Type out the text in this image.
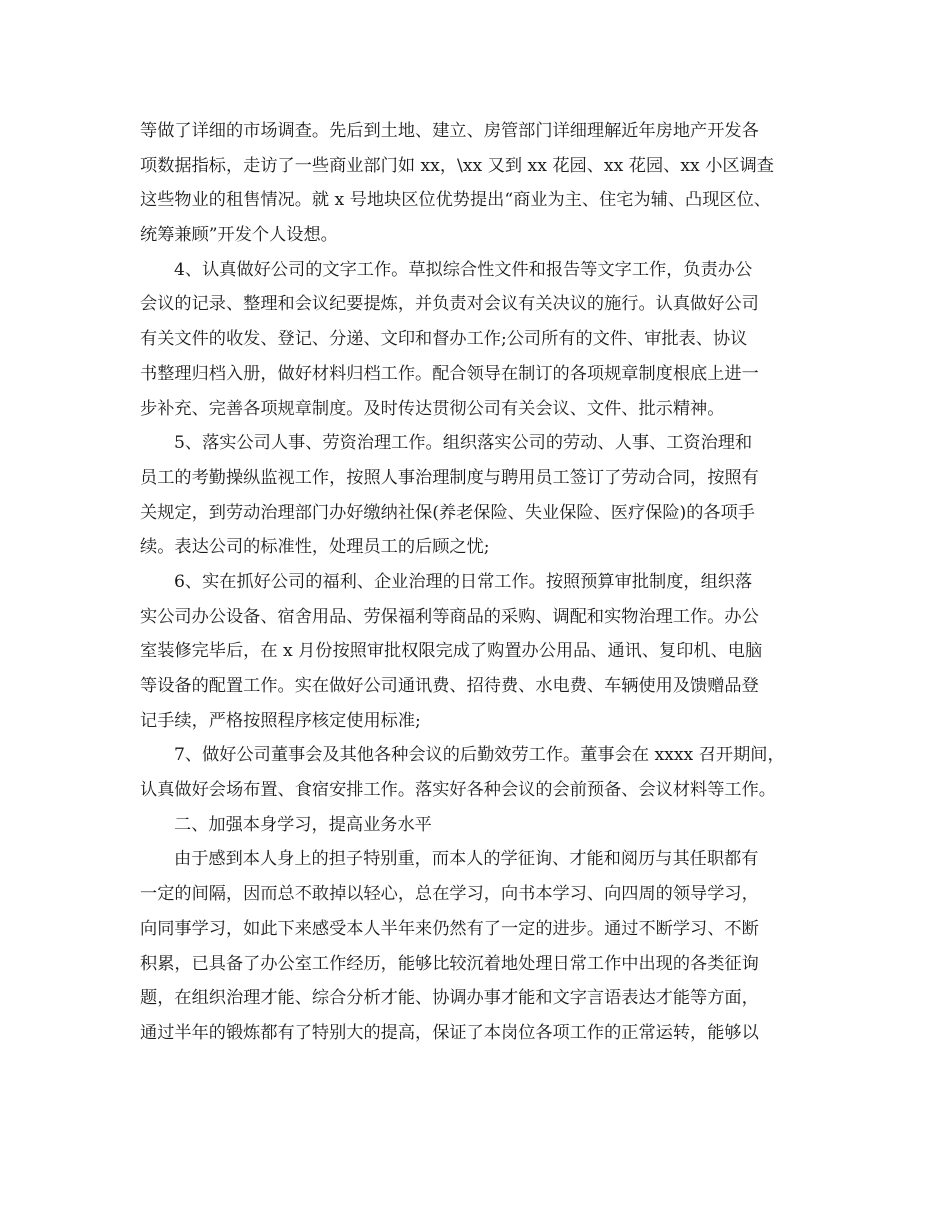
等做了详细的市场调查。先后到土地、建立、房管部门详细理解近年房地产开发各
项数据指标，走访了一些商业部门如 xx，\xx 又到 xx 花园、xx 花园、xx 小区调查
这些物业的租售情况。就 x 号地块区位优势提出“商业为主、住宅为辅、凸现区位、
统筹兼顾”开发个人设想。
4、认真做好公司的文字工作。草拟综合性文件和报告等文字工作，负责办公
会议的记录、整理和会议纪要提炼，并负责对会议有关决议的施行。认真做好公司
有关文件的收发、登记、分递、文印和督办工作;公司所有的文件、审批表、协议
书整理归档入册，做好材料归档工作。配合领导在制订的各项规章制度根底上进一
步补充、完善各项规章制度。及时传达贯彻公司有关会议、文件、批示精神。
5、落实公司人事、劳资治理工作。组织落实公司的劳动、人事、工资治理和
员工的考勤操纵监视工作，按照人事治理制度与聘用员工签订了劳动合同，按照有
关规定，到劳动治理部门办好缴纳社保(养老保险、失业保险、医疗保险)的各项手
续。表达公司的标准性，处理员工的后顾之忧;
6、实在抓好公司的福利、企业治理的日常工作。按照预算审批制度，组织落
实公司办公设备、宿舍用品、劳保福利等商品的采购、调配和实物治理工作。办公
室装修完毕后，在 x 月份按照审批权限完成了购置办公用品、通讯、复印机、电脑
等设备的配置工作。实在做好公司通讯费、招待费、水电费、车辆使用及馈赠品登
记手续，严格按照程序核定使用标准;
7、做好公司董事会及其他各种会议的后勤效劳工作。董事会在 xxxx 召开期间，
认真做好会场布置、食宿安排工作。落实好各种会议的会前预备、会议材料等工作。
二、加强本身学习，提高业务水平
由于感到本人身上的担子特别重，而本人的学征询、才能和阅历与其任职都有
一定的间隔，因而总不敢掉以轻心，总在学习，向书本学习、向四周的领导学习，
向同事学习，如此下来感受本人半年来仍然有了一定的进步。通过不断学习、不断
积累，已具备了办公室工作经历，能够比较沉着地处理日常工作中出现的各类征询
题，在组织治理才能、综合分析才能、协调办事才能和文字言语表达才能等方面，
通过半年的锻炼都有了特别大的提高，保证了本岗位各项工作的正常运转，能够以
